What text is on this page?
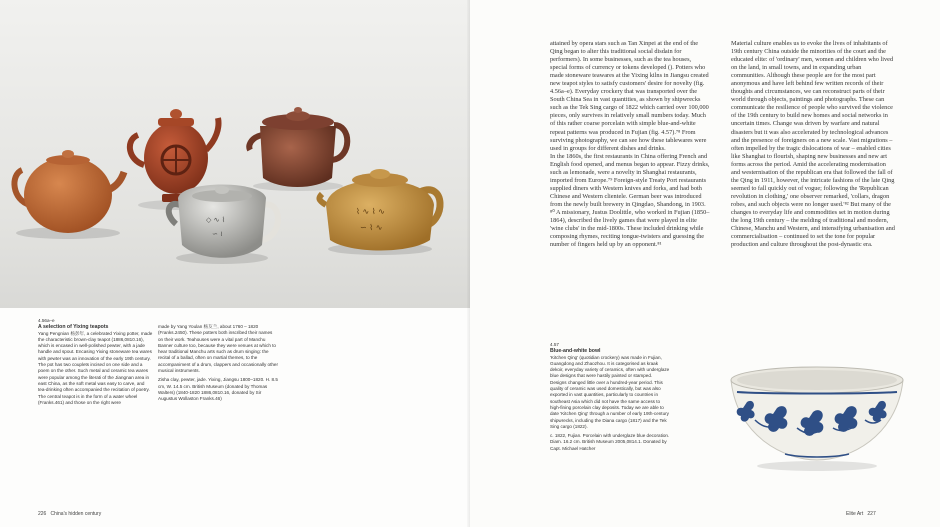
◇ ∿ ⌇
∽ ≀
⌇ ∿ ⌇ ∿
∽ ⌇ ∿
4.56a–e
A selection of Yixing teapots

Yang Pengnian 杨彭年, a celebrated Yixing potter, made the characteristic brown-clay teapot (1886,0810.16), which is encased in well-polished pewter, with a jade handle and spout. Encasing Yixing stoneware tea wares with pewter was an innovation of the early 19th century. The pot has two couplets incised on one side and a poem on the other. Such metal and ceramic tea wares were popular among the literati of the Jiangnan area in east China, as the soft metal was easy to carve, and tea-drinking often accompanied the recitation of poetry. The central teapot is in the form of a water wheel (Franks.461) and those on the right were

made by Yang Youlan 杨友兰, about 1760 – 1820 (Franks.2450). These potters both inscribed their names on their work. Teahouses were a vital part of Manchu Banner culture too, because they were venues at which to hear traditional Manchu arts such as drum singing: the recital of a ballad, often on martial themes, to the accompaniment of a drum, clappers and occasionally other musical instruments.

Zisha clay, pewter, jade. Yixing, Jiangsu 1800–1820. H. 8.5 cm, W. 14.5 cm. British Museum (donated by Thomas Walters) (1840-1820 1886,0810.16, donated by Sir Augustus Wollaston Franks.46)

226 China's hidden century
attained by opera stars such as Tan Xinpei at the end of the Qing began to alter this traditional social disdain for performers). In some businesses, such as the tea houses, special forms of currency or tokens developed (). Potters who made stoneware teawares at the Yixing kilns in Jiangsu created new teapot styles to satisfy customers' desire for novelty (fig. 4.56a–e). Everyday crockery that was transported over the South China Sea in vast quantities, as shown by shipwrecks such as the Tek Sing cargo of 1822 which carried over 100,000 pieces, only survives in relatively small numbers today. Much of this rather coarse porcelain with simple blue-and-white repeat patterns was produced in Fujian (fig. 4.57).⁷⁸ From surviving photography, we can see how these tablewares were used in groups for different dishes and drinks.
In the 1860s, the first restaurants in China offering French and English food opened, and menus began to appear. Fizzy drinks, such as lemonade, were a novelty in Shanghai restaurants, imported from Europe.⁷⁹ Foreign-style Treaty Port restaurants supplied diners with Western knives and forks, and had both Chinese and Western clientele. German beer was introduced from the newly built brewery in Qingdao, Shandong, in 1903. ⁸⁰ A missionary, Justus Doolittle, who worked in Fujian (1850–1864), described the lively games that were played in elite 'wine clubs' in the mid-1800s. These included drinking while composing rhymes, reciting tongue-twisters and guessing the number of fingers held up by an opponent.⁸¹
Material culture enables us to evoke the lives of inhabitants of 19th century China outside the minorities of the court and the educated elite: of 'ordinary' men, women and children who lived on the land, in small towns, and in expanding urban communities. Although these people are for the most part anonymous and have left behind few written records of their thoughts and circumstances, we can reconstruct parts of their world through objects, paintings and photographs. These can communicate the resilience of people who survived the violence of the 19th century to build new homes and social networks in uncertain times. Change was driven by warfare and natural disasters but it was also accelerated by technological advances and the presence of foreigners on a new scale. Vast migrations – often impelled by the tragic dislocations of war – enabled cities like Shanghai to flourish, shaping new businesses and new art forms across the period. Amid the accelerating modernisation and westernisation of the republican era that followed the fall of the Qing in 1911, however, the intricate fashions of the late Qing seemed to fall quickly out of vogue; following the 'Republican revolution in clothing,' one observer remarked, 'collars, dragon robes, and such objects were no longer used.'⁸² But many of the changes to everyday life and commodities set in motion during the long 19th century – the melding of traditional and modern, Chinese, Manchu and Western, and intensifying urbanisation and commercialisation – continued to set the tone for popular production and culture throughout the post-dynastic era.
4.57
Blue-and-white bowl

'Kitchen Qing' (quotidian crockery) was made in Fujian, Guangdong and Zhaozhou. It is categorised as kraak dekoir, everyday variety of ceramics, often with underglaze blue designs that were hastily painted or stamped. Designs changed little over a hundred-year period. This quality of ceramic was used domestically, but was also exported in vast quantities, particularly to countries in southeast Asia which did not have the same access to high-fining porcelain clay deposits. Today we are able to date 'Kitchen Qing' through a number of early 19th-century shipwrecks, including the Diana cargo (1817) and the Tek Sing cargo (1822).

c. 1822, Fujian. Porcelain with underglaze blue decoration. Diam. 16.2 cm. British Museum 2005,0814.1. Donated by Capt. Michael Hatcher

Elite Art 227
